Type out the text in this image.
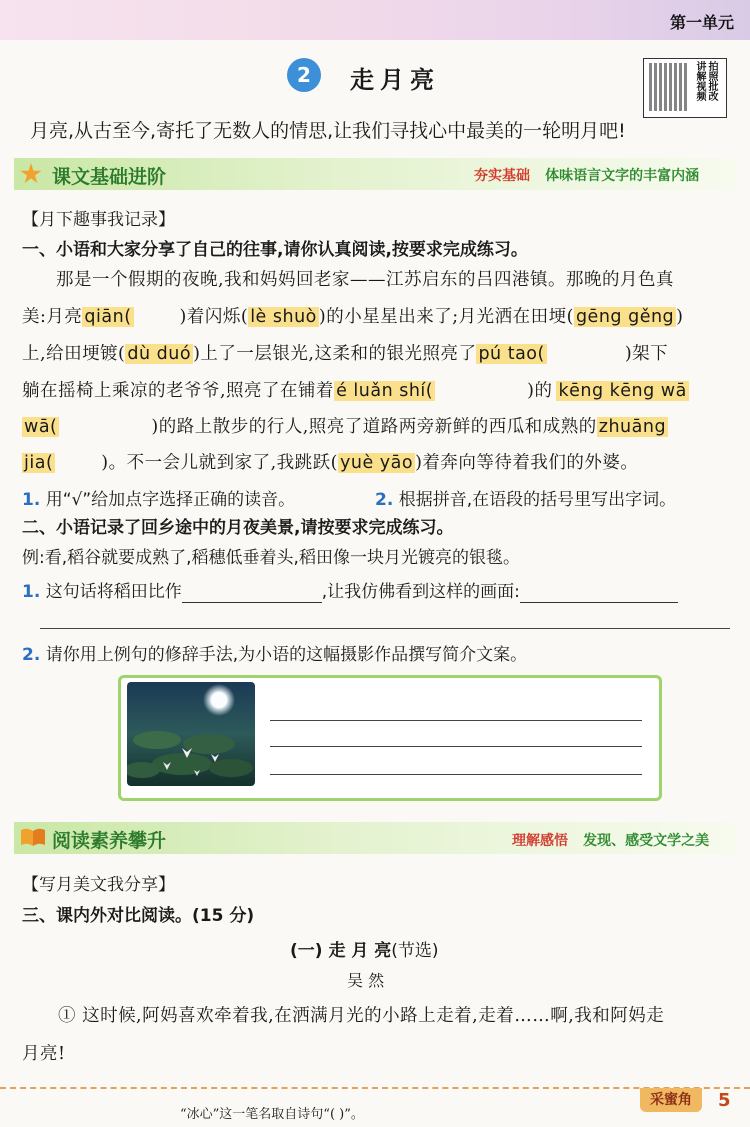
第一单元
讲解视频拍照批改
2	走月亮
月亮,从古至今,寄托了无数人的情思,让我们寻找心中最美的一轮明月吧!
课文基础进阶	夯实基础 体味语言文字的丰富内涵
【月下趣事我记录】
一、小语和大家分享了自己的往事,请你认真阅读,按要求完成练习。
那是一个假期的夜晚,我和妈妈回老家——江苏启东的吕四港镇。那晚的月色真
美:月亮 qiān(	)着闪烁( lè shuò )的小星星出来了;月光洒在田埂( gēng gěng )
上,给田埂镀( dù duó )上了一层银光,这柔和的银光照亮了 pú tao(	)架下
躺在摇椅上乘凉的老爷爷,照亮了在铺着 é luǎn shí(	)的 kēng kēng wā
wā(	)的路上散步的行人,照亮了道路两旁新鲜的西瓜和成熟的 zhuāng
jia(	)。不一会儿就到家了,我跳跃( yuè yāo )着奔向等待着我们的外婆。
1. 用“√”给加点字选择正确的读音。	2. 根据拼音,在语段的括号里写出字词。
二、小语记录了回乡途中的月夜美景,请按要求完成练习。
例:看,稻谷就要成熟了,稻穗低垂着头,稻田像一块月光镀亮的银毯。
1. 这句话将稻田比作	,让我仿佛看到这样的画面:
2. 请你用上例句的修辞手法,为小语的这幅摄影作品撰写简介文案。
阅读素养攀升	理解感悟 发现、感受文学之美
【写月美文我分享】
三、课内外对比阅读。(15 分)
(一) 走 月 亮(节选)
吴 然
① 这时候,阿妈喜欢牵着我,在洒满月光的小路上走着,走着……啊,我和阿妈走
月亮!
采蜜角	5
“冰心”这一笔名取自诗句“( )”。
